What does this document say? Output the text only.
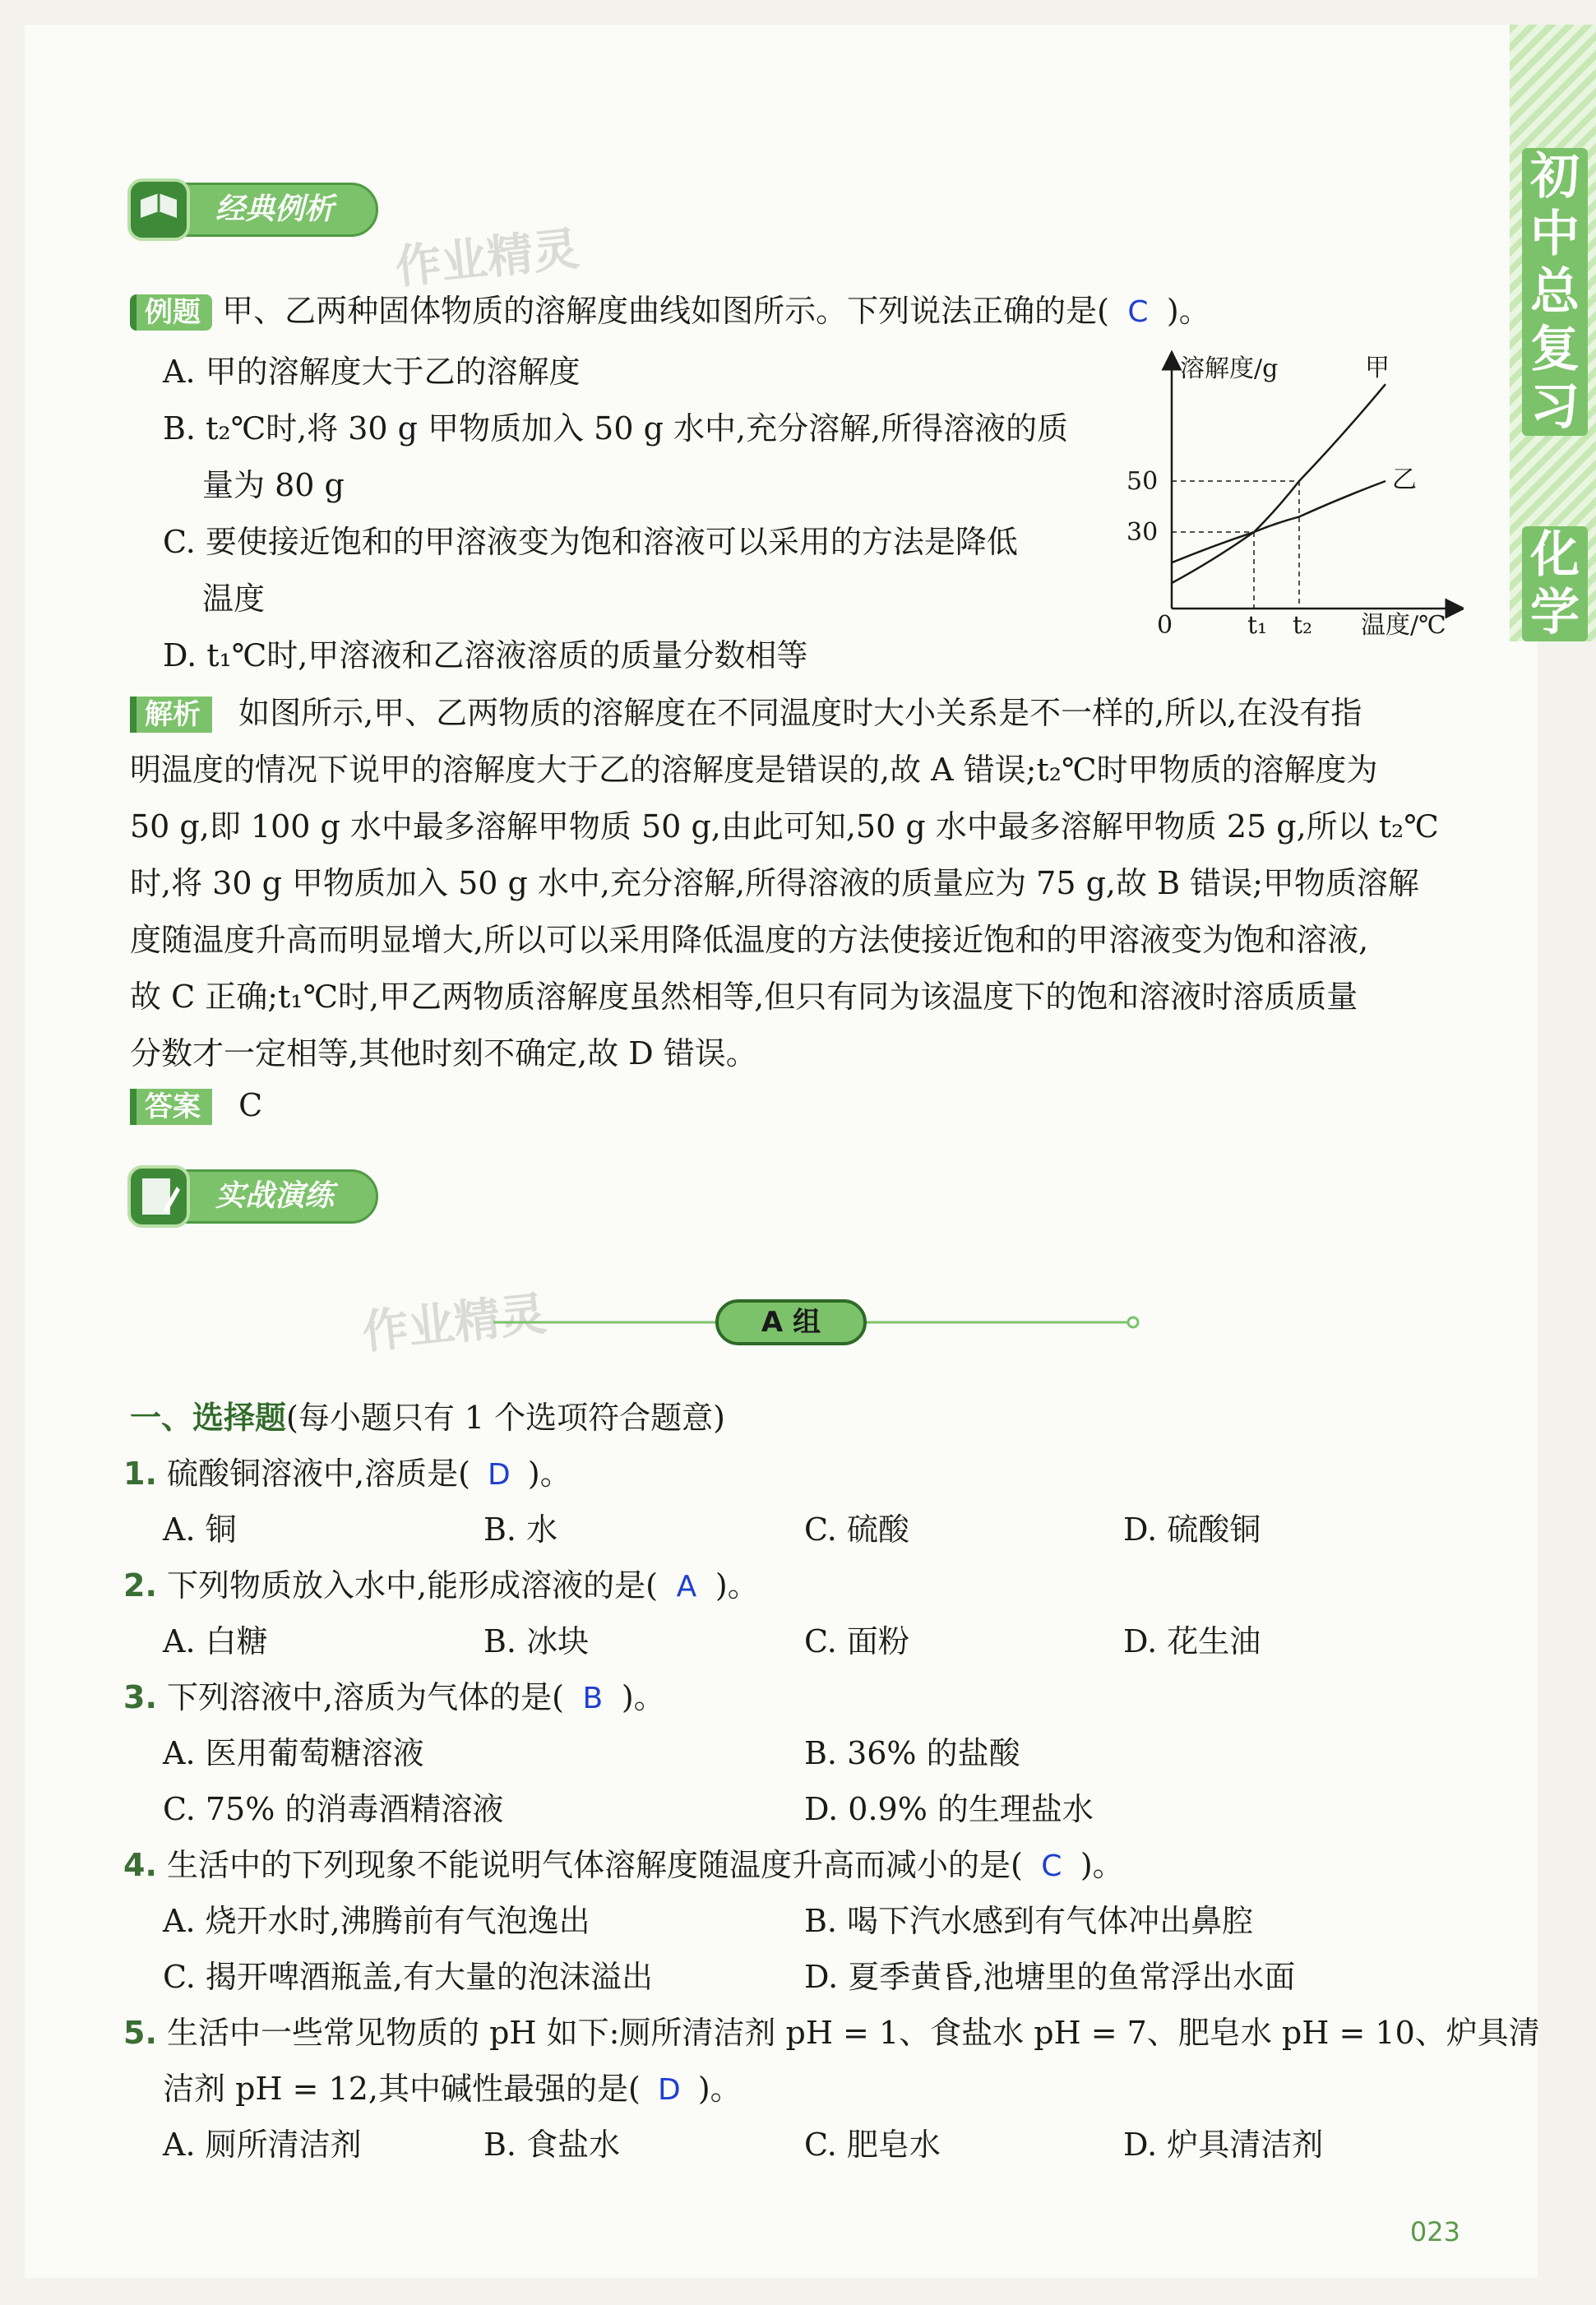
初中总复习
化学
经典例析
作业精灵
例题 甲、乙两种固体物质的溶解度曲线如图所示。下列说法正确的是( C )。
A. 甲的溶解度大于乙的溶解度
B. t₂℃时,将 30 g 甲物质加入 50 g 水中,充分溶解,所得溶液的质
量为 80 g
C. 要使接近饱和的甲溶液变为饱和溶液可以采用的方法是降低
温度
D. t₁℃时,甲溶液和乙溶液溶质的质量分数相等
溶解度/g
0	温度/℃
30
50
t₁ t₂
甲
乙
解析 如图所示,甲、乙两物质的溶解度在不同温度时大小关系是不一样的,所以,在没有指
明温度的情况下说甲的溶解度大于乙的溶解度是错误的,故 A 错误;t₂℃时甲物质的溶解度为
50 g,即 100 g 水中最多溶解甲物质 50 g,由此可知,50 g 水中最多溶解甲物质 25 g,所以 t₂℃
时,将 30 g 甲物质加入 50 g 水中,充分溶解,所得溶液的质量应为 75 g,故 B 错误;甲物质溶解
度随温度升高而明显增大,所以可以采用降低温度的方法使接近饱和的甲溶液变为饱和溶液,
故 C 正确;t₁℃时,甲乙两物质溶解度虽然相等,但只有同为该温度下的饱和溶液时溶质质量
分数才一定相等,其他时刻不确定,故 D 错误。
答案 C
实战演练
作业精灵	A 组
一、选择题(每小题只有 1 个选项符合题意)
1. 硫酸铜溶液中,溶质是( D )。
A. 铜	B. 水	C. 硫酸	D. 硫酸铜
2. 下列物质放入水中,能形成溶液的是( A )。
A. 白糖	B. 冰块	C. 面粉	D. 花生油
3. 下列溶液中,溶质为气体的是( B )。
A. 医用葡萄糖溶液	B. 36% 的盐酸
C. 75% 的消毒酒精溶液	D. 0.9% 的生理盐水
4. 生活中的下列现象不能说明气体溶解度随温度升高而减小的是( C )。
A. 烧开水时,沸腾前有气泡逸出	B. 喝下汽水感到有气体冲出鼻腔
C. 揭开啤酒瓶盖,有大量的泡沫溢出	D. 夏季黄昏,池塘里的鱼常浮出水面
5. 生活中一些常见物质的 pH 如下:厕所清洁剂 pH = 1、食盐水 pH = 7、肥皂水 pH = 10、炉具清
洁剂 pH = 12,其中碱性最强的是( D )。
A. 厕所清洁剂	B. 食盐水	C. 肥皂水	D. 炉具清洁剂
023
